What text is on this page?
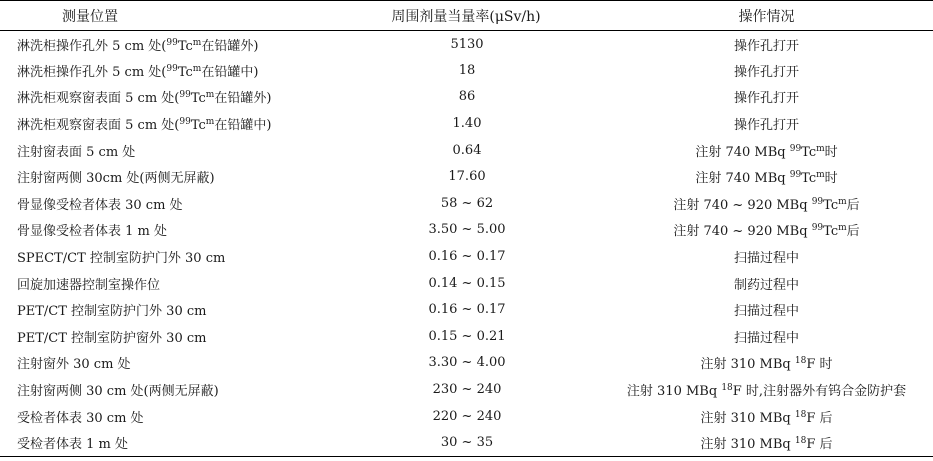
测量位置	周围剂量当量率(μSv/h)	操作情况
淋洗柜操作孔外 5 cm 处($^{99}$Tc$^m$在铅罐外)	5130	操作孔打开
淋洗柜操作孔外 5 cm 处($^{99}$Tc$^m$在铅罐中)	18	操作孔打开
淋洗柜观察窗表面 5 cm 处($^{99}$Tc$^m$在铅罐外)	86	操作孔打开
淋洗柜观察窗表面 5 cm 处($^{99}$Tc$^m$在铅罐中)	1.40	操作孔打开
注射窗表面 5 cm 处	0.64	注射 740 MBq $^{99}$Tc$^m$时
注射窗两侧 30cm 处(两侧无屏蔽)	17.60	注射 740 MBq $^{99}$Tc$^m$时
骨显像受检者体表 30 cm 处	58 ~ 62	注射 740 ~ 920 MBq $^{99}$Tc$^m$后
骨显像受检者体表 1 m 处	3.50 ~ 5.00	注射 740 ~ 920 MBq $^{99}$Tc$^m$后
SPECT/CT 控制室防护门外 30 cm	0.16 ~ 0.17	扫描过程中
回旋加速器控制室操作位	0.14 ~ 0.15	制药过程中
PET/CT 控制室防护门外 30 cm	0.16 ~ 0.17	扫描过程中
PET/CT 控制室防护窗外 30 cm	0.15 ~ 0.21	扫描过程中
注射窗外 30 cm 处	3.30 ~ 4.00	注射 310 MBq $^{18}$F 时
注射窗两侧 30 cm 处(两侧无屏蔽)	230 ~ 240	注射 310 MBq $^{18}$F 时,注射器外有钨合金防护套
受检者体表 30 cm 处	220 ~ 240	注射 310 MBq $^{18}$F 后
受检者体表 1 m 处	30 ~ 35	注射 310 MBq $^{18}$F 后
